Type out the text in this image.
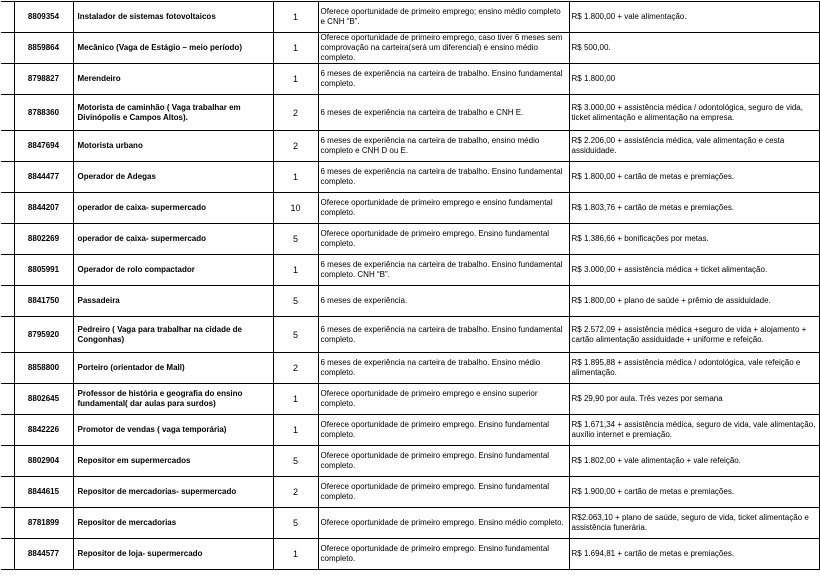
	8809354	Instalador de sistemas fotovoltaicos	1	Oferece oportunidade de primeiro emprego; ensino médio completo e CNH “B”.	R$ 1.800,00 + vale alimentação.
	8859864	Mecânico (Vaga de Estágio – meio período)	1	Oferece oportunidade de primeiro emprego, caso tiver 6 meses sem comprovação na carteira(será um diferencial) e ensino médio completo.	R$ 500,00.
	8798827	Merendeiro	1	6 meses de experiência na carteira de trabalho. Ensino fundamental completo.	R$ 1.800,00
	8788360	Motorista de caminhão ( Vaga trabalhar em Divinópolis e Campos Altos).	2	6 meses de experiência na carteira de trabalho e CNH E.	R$ 3.000,00 + assistência médica / odontológica, seguro de vida, ticket alimentação e alimentação na empresa.
	8847694	Motorista urbano	2	6 meses de experiência na carteira de trabalho, ensino médio completo e CNH D ou E.	R$ 2.206,00 + assistência médica, vale alimentação e cesta assiduidade.
	8844477	Operador de Adegas	1	6 meses de experiência na carteira de trabalho. Ensino fundamental completo.	R$ 1.800,00 + cartão de metas e premiações.
	8844207	operador de caixa- supermercado	10	Oferece oportunidade de primeiro emprego e ensino fundamental completo.	R$ 1.803,76 + cartão de metas e premiações.
	8802269	operador de caixa- supermercado	5	Oferece oportunidade de primeiro emprego. Ensino fundamental completo.	R$ 1.386,66 + bonificações por metas.
	8805991	Operador de rolo compactador	1	6 meses de experiência na carteira de trabalho. Ensino fundamental completo. CNH “B”.	R$ 3.000,00 + assistência médica + ticket alimentação.
	8841750	Passadeira	5	6 meses de experiência.	R$ 1.800,00 + plano de saúde + prêmio de assiduidade.
	8795920	Pedreiro ( Vaga para trabalhar na cidade de Congonhas)	5	6 meses de experiência na carteira de trabalho. Ensino fundamental completo.	R$ 2.572,09 + assistência médica +seguro de vida + alojamento + cartão alimentação assiduidade + uniforme e refeição.
	8858800	Porteiro (orientador de Mall)	2	6 meses de experiência na carteira de trabalho. Ensino médio completo.	R$ 1.895,88 + assistência médica / odontológica, vale refeição e alimentação.
	8802645	Professor de história e geografia do ensino fundamental( dar aulas para surdos)	1	Oferece oportunidade de primeiro emprego e ensino superior completo.	R$ 29,90 por aula. Três vezes por semana
	8842226	Promotor de vendas ( vaga temporária)	1	Oferece oportunidade de primeiro emprego. Ensino fundamental completo.	R$ 1.671,34 + assistência médica, seguro de vida, vale alimentação, auxílio internet e premiação.
	8802904	Repositor em supermercados	5	Oferece oportunidade de primeiro emprego. Ensino fundamental completo.	R$ 1.802,00 + vale alimentação + vale refeição.
	8844615	Repositor de mercadorias- supermercado	2	Oferece oportunidade de primeiro emprego. Ensino fundamental completo.	R$ 1.900,00 + cartão de metas e premiações.
	8781899	Repositor de mercadorias	5	Oferece oportunidade de primeiro emprego. Ensino médio completo.	R$2.063,10 + plano de saúde, seguro de vida, ticket alimentação e assistência funerária.
	8844577	Repositor de loja- supermercado	1	Oferece oportunidade de primeiro emprego. Ensino fundamental completo.	R$ 1.694,81 + cartão de metas e premiações.
